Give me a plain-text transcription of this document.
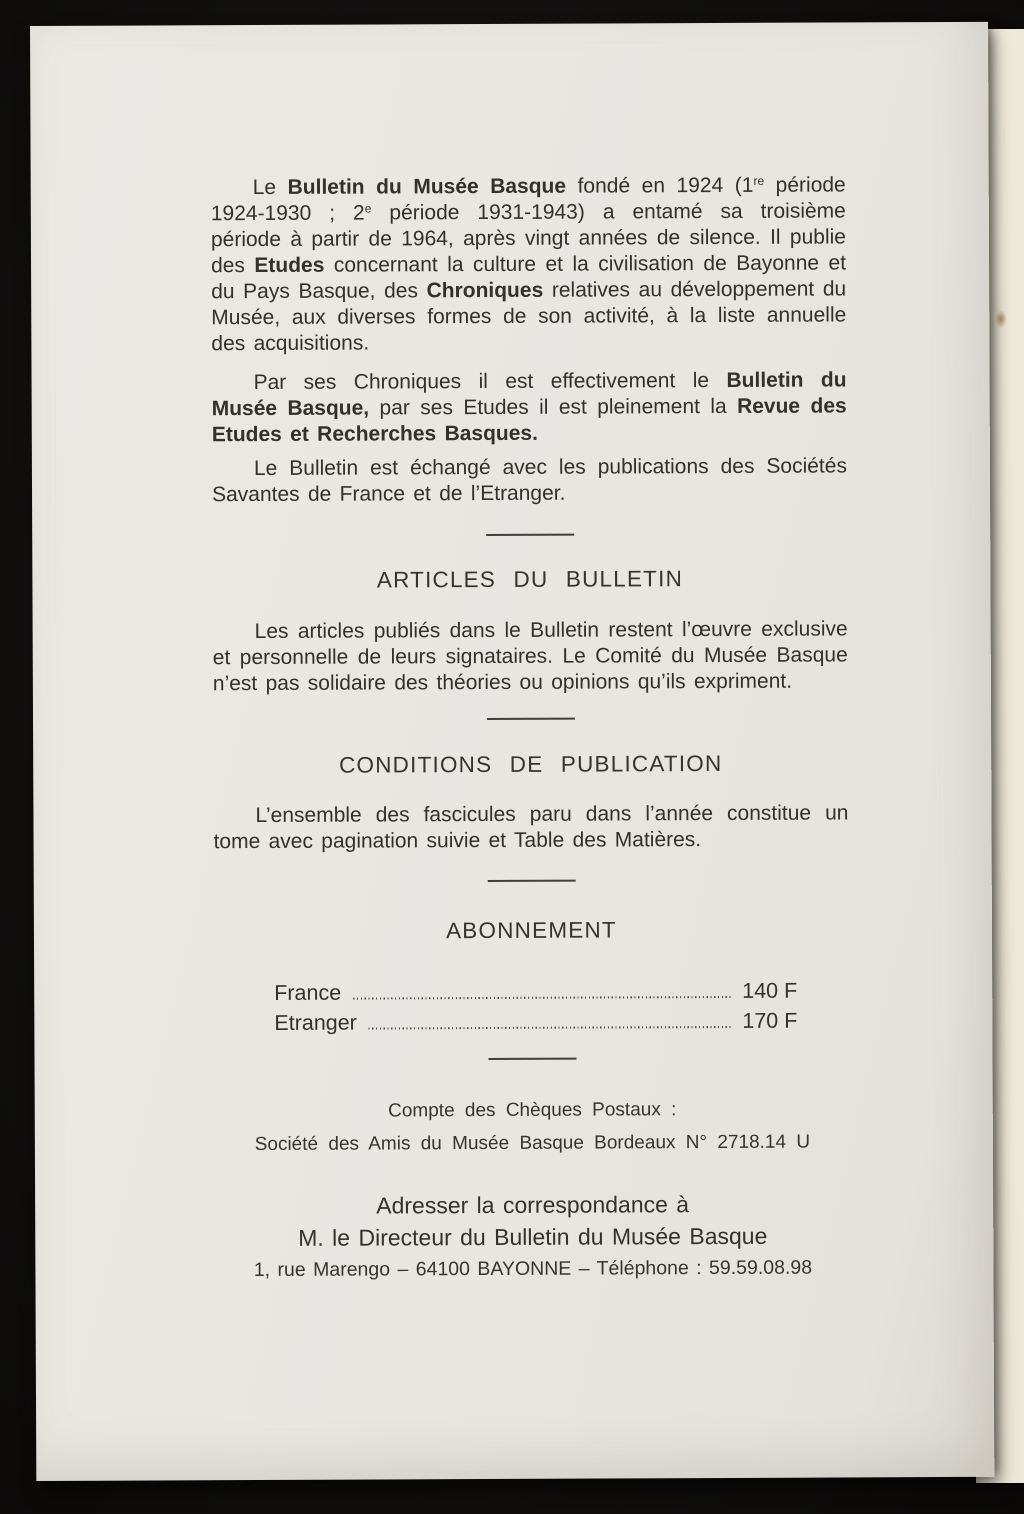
Le Bulletin du Musée Basque fondé en 1924 (1re période 1924-1930 ; 2e période 1931-1943) a entamé sa troisième période à partir de 1964, après vingt années de silence. Il publie des Etudes concernant la culture et la civilisation de Bayonne et du Pays Basque, des Chroniques relatives au développement du Musée, aux diverses formes de son activité, à la liste annuelle des acquisitions.

Par ses Chroniques il est effectivement le Bulletin du Musée Basque, par ses Etudes il est pleinement la Revue des Etudes et Recherches Basques.

Le Bulletin est échangé avec les publications des Sociétés Savantes de France et de l’Etranger.

ARTICLES DU BULLETIN

Les articles publiés dans le Bulletin restent l’œuvre exclusive et personnelle de leurs signataires. Le Comité du Musée Basque n’est pas solidaire des théories ou opinions qu’ils expriment.

CONDITIONS DE PUBLICATION

L’ensemble des fascicules paru dans l’année constitue un tome avec pagination suivie et Table des Matières.

ABONNEMENT
France	140 F
Etranger	170 F

Compte des Chèques Postaux :

Société des Amis du Musée Basque Bordeaux N° 2718.14 U

Adresser la correspondance à

M. le Directeur du Bulletin du Musée Basque

1, rue Marengo – 64100 BAYONNE – Téléphone : 59.59.08.98
